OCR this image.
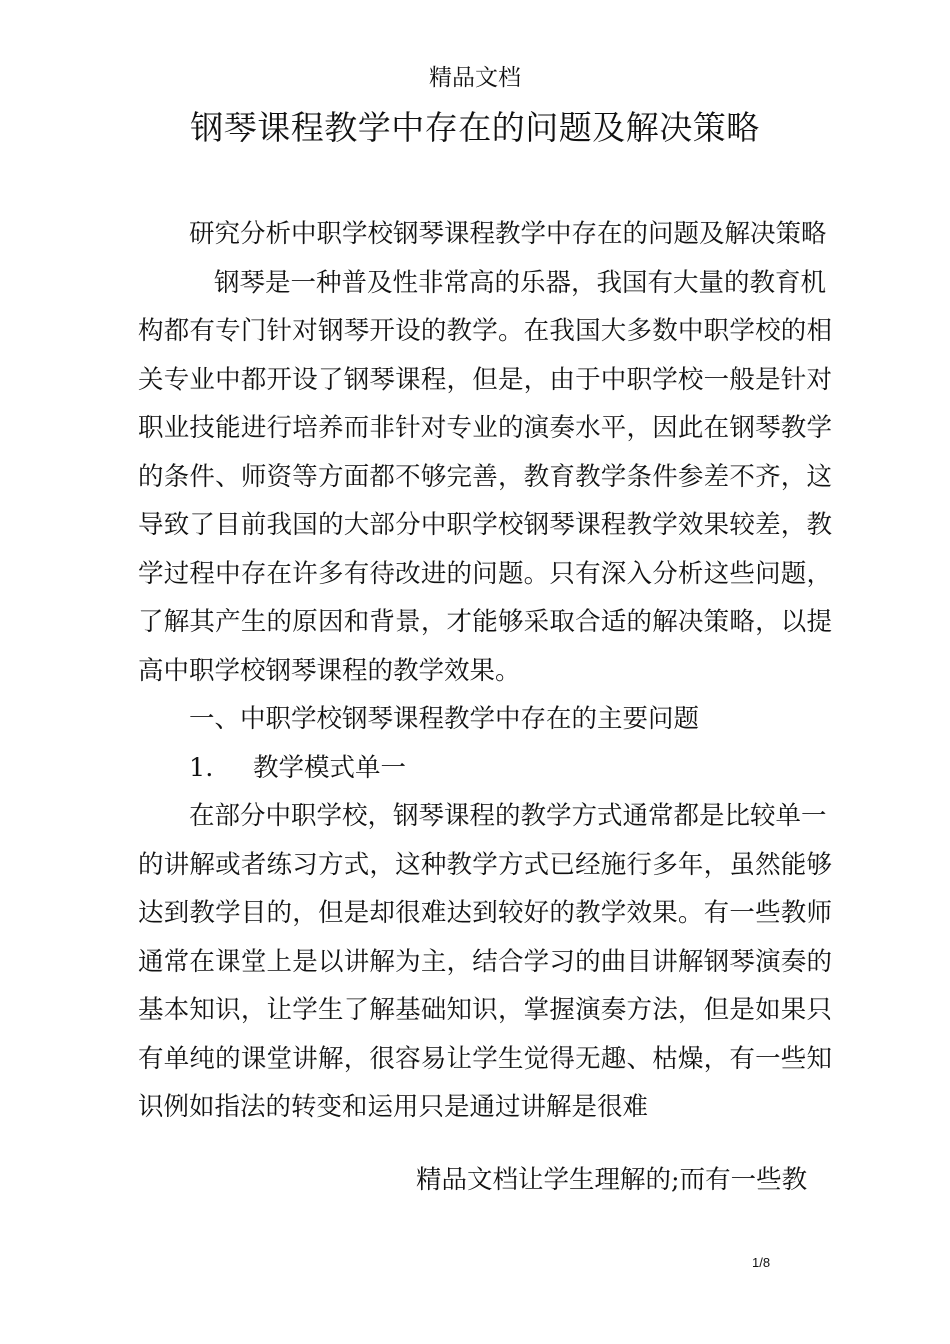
精品文档
钢琴课程教学中存在的问题及解决策略
研究分析中职学校钢琴课程教学中存在的问题及解决策略
钢琴是一种普及性非常高的乐器，我国有大量的教育机
构都有专门针对钢琴开设的教学。在我国大多数中职学校的相
关专业中都开设了钢琴课程，但是，由于中职学校一般是针对
职业技能进行培养而非针对专业的演奏水平，因此在钢琴教学
的条件、师资等方面都不够完善，教育教学条件参差不齐，这
导致了目前我国的大部分中职学校钢琴课程教学效果较差，教
学过程中存在许多有待改进的问题。只有深入分析这些问题，
了解其产生的原因和背景，才能够采取合适的解决策略，以提
高中职学校钢琴课程的教学效果。
一、中职学校钢琴课程教学中存在的主要问题
1. 教学模式单一
在部分中职学校，钢琴课程的教学方式通常都是比较单一
的讲解或者练习方式，这种教学方式已经施行多年，虽然能够
达到教学目的，但是却很难达到较好的教学效果。有一些教师
通常在课堂上是以讲解为主，结合学习的曲目讲解钢琴演奏的
基本知识，让学生了解基础知识，掌握演奏方法，但是如果只
有单纯的课堂讲解，很容易让学生觉得无趣、枯燥，有一些知
识例如指法的转变和运用只是通过讲解是很难
精品文档让学生理解的;而有一些教
1/8
